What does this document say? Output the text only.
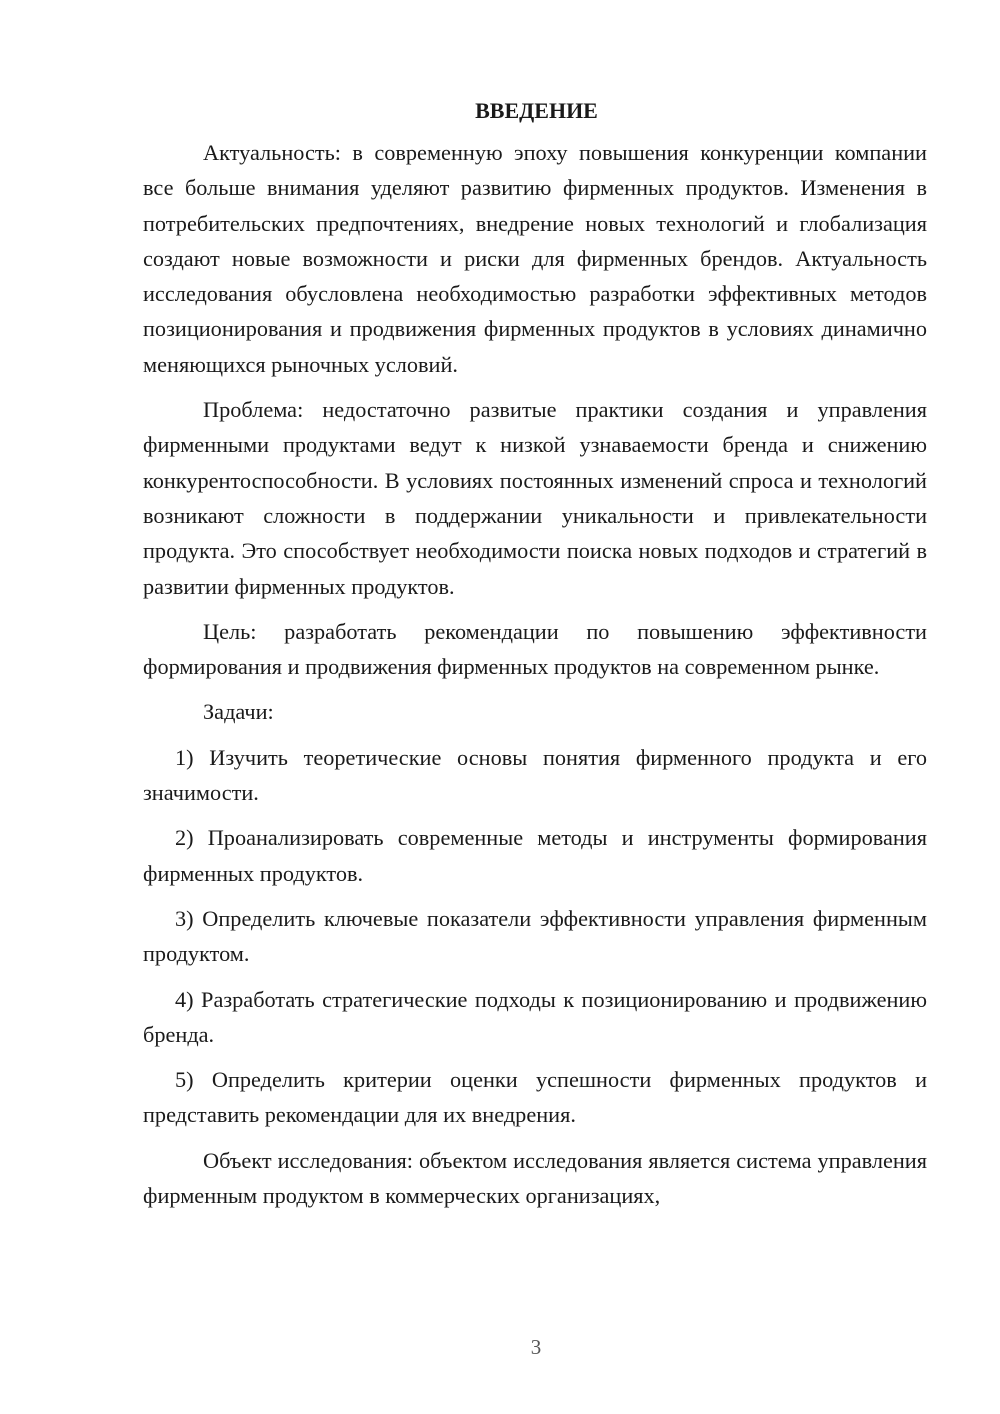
ВВЕДЕНИЕ

Актуальность: в современную эпоху повышения конкуренции компании все больше внимания уделяют развитию фирменных продуктов. Изменения в потребительских предпочтениях, внедрение новых технологий и глобализация создают новые возможности и риски для фирменных брендов. Актуальность исследования обусловлена необходимостью разработки эффективных методов позиционирования и продвижения фирменных продуктов в условиях динамично меняющихся рыночных условий.

Проблема: недостаточно развитые практики создания и управления фирменными продуктами ведут к низкой узнаваемости бренда и снижению конкурентоспособности. В условиях постоянных изменений спроса и технологий возникают сложности в поддержании уникальности и привлекательности продукта. Это способствует необходимости поиска новых подходов и стратегий в развитии фирменных продуктов.

Цель: разработать рекомендации по повышению эффективности формирования и продвижения фирменных продуктов на современном рынке.

Задачи:

1) Изучить теоретические основы понятия фирменного продукта и его значимости.

2) Проанализировать современные методы и инструменты формирования фирменных продуктов.

3) Определить ключевые показатели эффективности управления фирменным продуктом.

4) Разработать стратегические подходы к позиционированию и продвижению бренда.

5) Определить критерии оценки успешности фирменных продуктов и представить рекомендации для их внедрения.

Объект исследования: объектом исследования является система управления фирменным продуктом в коммерческих организациях,

3
